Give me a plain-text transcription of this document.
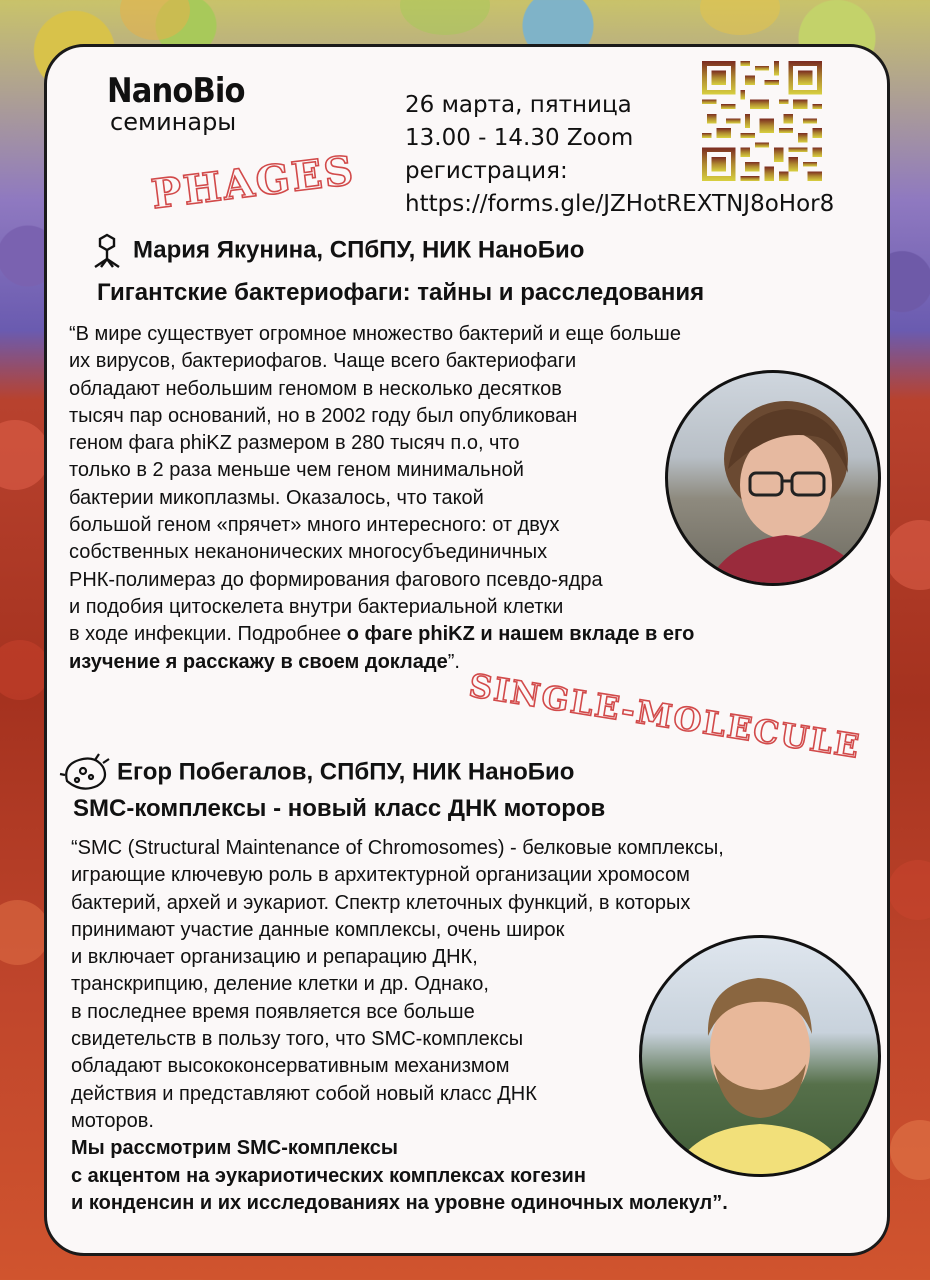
NanoBio
семинары
26 марта, пятница
13.00 - 14.30 Zoom
регистрация:
https://forms.gle/JZHotREXTNJ8oHor8
PHAGES
Мария Якунина, СПбПУ, НИК НаноБио
Гигантские бактериофаги: тайны и расследования
“В мире существует огромное множество бактерий и еще больше
их вирусов, бактериофагов. Чаще всего бактериофаги
обладают небольшим геномом в несколько десятков
тысяч пар оснований, но в 2002 году был опубликован
геном фага phiKZ размером в 280 тысяч п.о, что
только в 2 раза меньше чем геном минимальной
бактерии микоплазмы. Оказалось, что такой
большой геном «прячет» много интересного: от двух
собственных неканонических многосубъединичных
РНК-полимераз до формирования фагового псевдо-ядра
и подобия цитоскелета внутри бактериальной клетки
в ходе инфекции. Подробнее о фаге phiKZ и нашем вкладе в его
изучение я расскажу в своем докладе”.
SINGLE-MOLECULE
Егор Побегалов, СПбПУ, НИК НаноБио
SMC-комплексы - новый класс ДНК моторов
“SMC (Structural Maintenance of Chromosomes) - белковые комплексы,
играющие ключевую роль в архитектурной организации хромосом
бактерий, архей и эукариот. Спектр клеточных функций, в которых
принимают участие данные комплексы, очень широк
и включает организацию и репарацию ДНК,
транскрипцию, деление клетки и др. Однако,
в последнее время появляется все больше
свидетельств в пользу того, что SMC-комплексы
обладают высококонсервативным механизмом
действия и представляют собой новый класс ДНК
моторов.
Мы рассмотрим SMC-комплексы
с акцентом на эукариотических комплексах когезин
и конденсин и их исследованиях на уровне одиночных молекул”.
